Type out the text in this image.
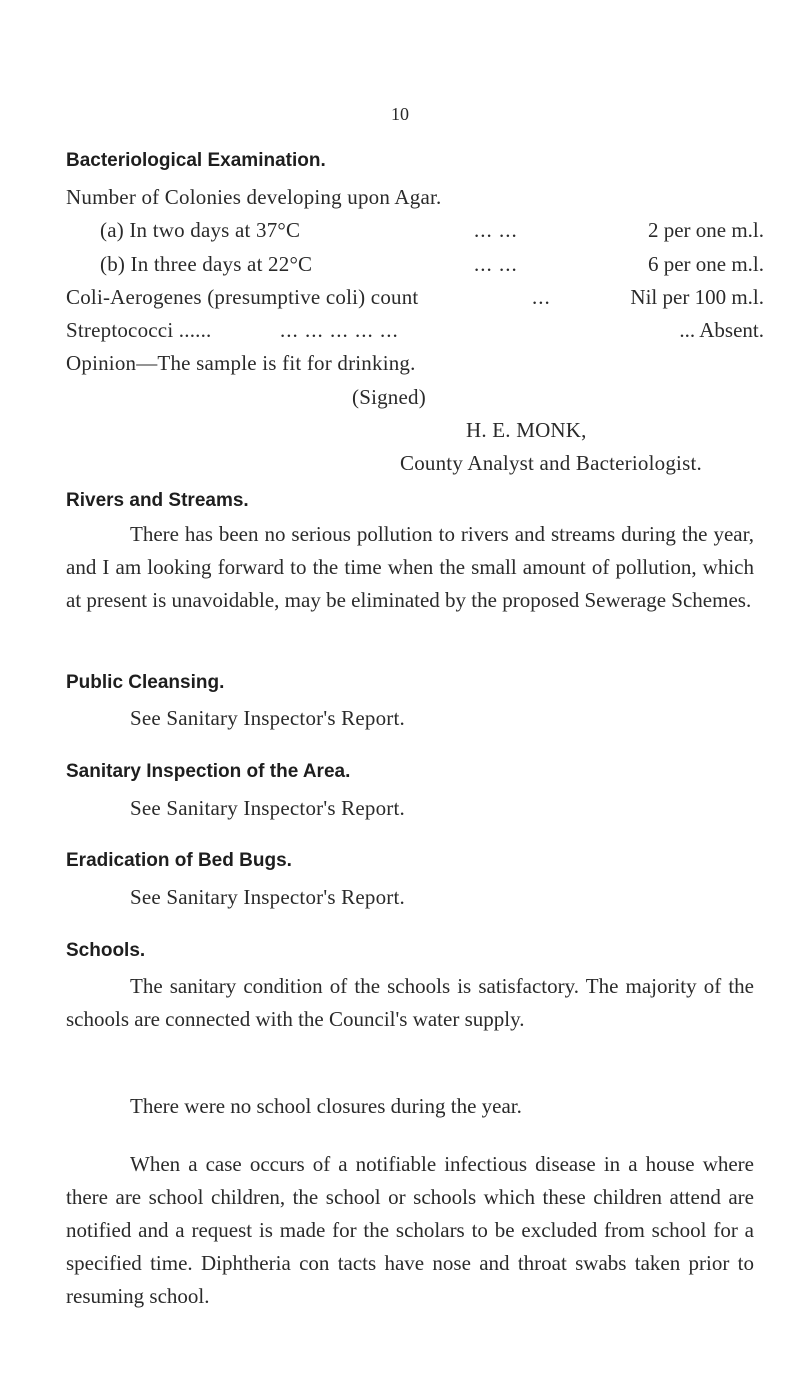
10
Bacteriological Examination.
Number of Colonies developing upon Agar.
(a) In two days at 37°C	... ...	2 per one m.l.
(b) In three days at 22°C	... ...	6 per one m.l.
Coli-Aerogenes (presumptive coli) count	...	Nil per 100 m.l.
Streptococci ......	... ... ... ... ...	... Absent.
Opinion—The sample is fit for drinking.
(Signed)
H. E. MONK,
County Analyst and Bacteriologist.
Rivers and Streams.
There has been no serious pollution to rivers and streams during the year, and I am looking forward to the time when the small amount of pollution, which at present is unavoidable, may be eliminated by the proposed Sewerage Schemes.
Public Cleansing.
See Sanitary Inspector's Report.
Sanitary Inspection of the Area.
See Sanitary Inspector's Report.
Eradication of Bed Bugs.
See Sanitary Inspector's Report.
Schools.
The sanitary condition of the schools is satisfactory. The majority of the schools are connected with the Council's water supply.
There were no school closures during the year.
When a case occurs of a notifiable infectious disease in a house where there are school children, the school or schools which these children attend are notified and a request is made for the scholars to be excluded from school for a specified time. Diphtheria con tacts have nose and throat swabs taken prior to resuming school.
